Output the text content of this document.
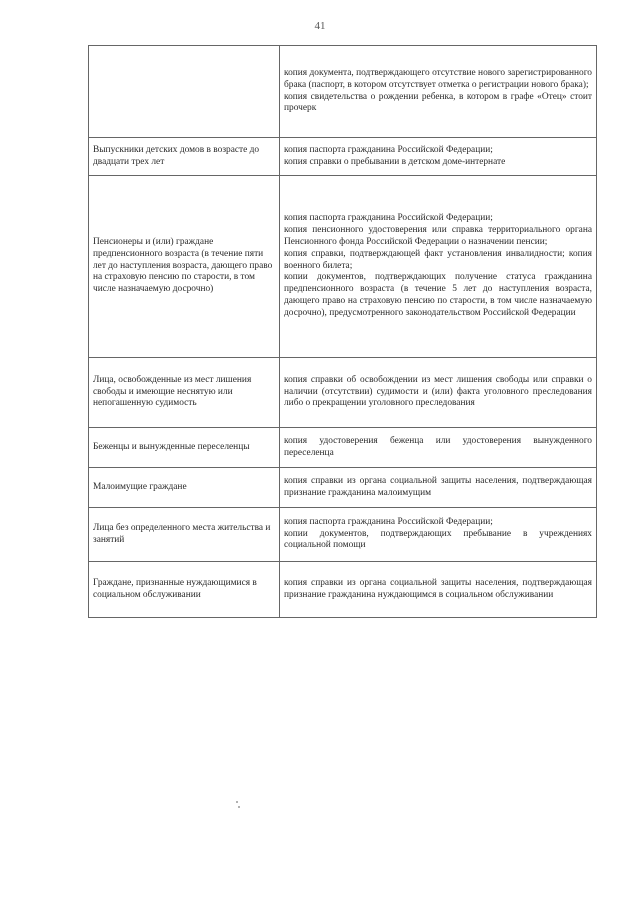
41

	копия документа, подтверждающего отсутствие нового зарегистрированного брака (паспорт, в котором отсутствует отметка о регистрации нового брака);
копия свидетельства о рождении ребенка, в котором в графе «Отец» стоит прочерк

Выпускники детских домов в возрасте до двадцати трех лет	копия паспорта гражданина Российской Федерации;
копия справки о пребывании в детском доме-интернате

Пенсионеры и (или) граждане предпенсионного возраста (в течение пяти лет до наступления возраста, дающего право на страховую пенсию по старости, в том числе назначаемую досрочно)	копия паспорта гражданина Российской Федерации;
копия пенсионного удостоверения или справка территориального органа Пенсионного фонда Российской Федерации о назначении пенсии;
копия справки, подтверждающей факт установления инвалидности; копия военного билета;
копии документов, подтверждающих получение статуса гражданина предпенсионного возраста (в течение 5 лет до наступления возраста, дающего право на страховую пенсию по старости, в том числе назначаемую досрочно), предусмотренного законодательством Российской Федерации

Лица, освобожденные из мест лишения свободы и имеющие неснятую или непогашенную судимость	копия справки об освобождении из мест лишения свободы или справки о наличии (отсутствии) судимости и (или) факта уголовного преследования либо о прекращении уголовного преследования

Беженцы и вынужденные переселенцы	копия удостоверения беженца или удостоверения вынужденного переселенца

Малоимущие граждане	копия справки из органа социальной защиты населения, подтверждающая признание гражданина малоимущим

Лица без определенного места жительства и занятий	копия паспорта гражданина Российской Федерации;
копии документов, подтверждающих пребывание в учреждениях социальной помощи

Граждане, признанные нуждающимися в социальном обслуживании	копия справки из органа социальной защиты населения, подтверждающая признание гражданина нуждающимся в социальном обслуживании
